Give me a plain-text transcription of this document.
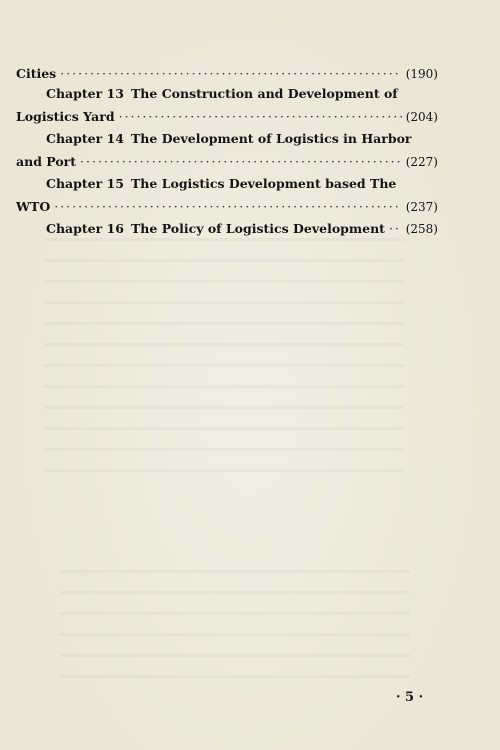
Cities ·····	(190)
Chapter 13 The Construction and Development of
Logistics Yard ·····	(204)
Chapter 14 The Development of Logistics in Harbor
and Port ·····	(227)
Chapter 15 The Logistics Development based The
WTO ·····	(237)
Chapter 16 The Policy of Logistics Development ····· (258)
· 5 ·
